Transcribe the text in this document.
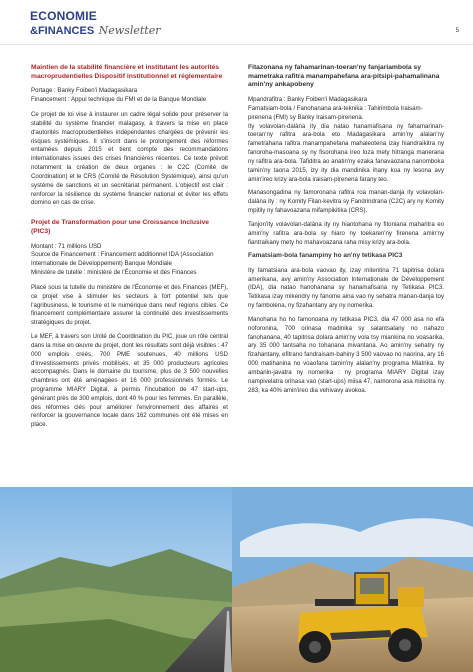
ECONOMIE
&FINANCES Newsletter	5
Maintien de la stabilité financière et institutant les autorités macroprudentielles Dispositif institutionnel et réglementaire
Portage : Banky Foiben'i Madagasikara
Financement : Appui technique du FMI et de la Banque Mondiale

Ce projet de loi vise à instaurer un cadre légal solide pour préserver la stabilité du système financier malagasy, à travers la mise en place d'autorités macroprudentielles indépendantes chargées de prévenir les risques systémiques. Il s'inscrit dans le prolongement des réformes entamées depuis 2015 et tient compte des recommandations internationales issues des crises financières récentes. Ce texte prévoit notamment la création de deux organes : le C2C (Comité de Coordination) et le CRS (Comité de Résolution Systémique), ainsi qu'un système de sanctions et un secrétariat permanent. L'objectif est clair : renforcer la résilience du système financier national et éviter les effets domino en cas de crise.

Projet de Transformation pour une Croissance Inclusive (PIC3)
Montant : 71 millions USD
Source de Financement : Financement additionnel IDA (Association Internationale de Développement) Banque Mondiale
Ministère de tutelle : ministère de l'Économie et des Finances

Placé sous la tutelle du ministère de l'Économie et des Finances (MEF), ce projet vise à stimuler les secteurs à fort potentiel tels que l'agribusiness, le tourisme et le numérique dans neuf régions cibles. Ce financement complémentaire assurer la continuité des investissements stratégiques du projet.

Le MEF, à travers son Unité de Coordination du PIC, joue un rôle central dans la mise en œuvre du projet, dont les résultats sont déjà visibles : 47 000 emplois créés, 700 PME soutenues, 40 millions USD d'investissements privés mobilisés, et 35 000 producteurs agricoles accompagnés. Dans le domaine du tourisme, plus de 3 500 nouvelles chambres ont été aménagées et 16 000 professionnels formés. Le programme MIARY Digital, a permis l'incubation de 47 start-ups, générant près de 300 emplois, dont 40 % pour les femmes. En parallèle, des réformes clés pour améliorer l'environnement des affaires et renforcer la gouvernance locale dans 162 communes ont été mises en place.

Fitazonana ny fahamarinan-toeran'ny fanjariambola sy mametraka rafitra manampahefana ara-pitsipi-pahamalinana amin'ny ankapobeny
Mpandrafitra : Banky Foiben'i Madagasikara
Famatsiam-bola / Fanohanana ara-teknika : Tahirimbola Iraisam-pirenena (FMI) sy Banky Iraisam-pirenena.

Ity volavolan-dalàna ity dia natao hanamafisana ny fahamarinan-toeran'ny rafitra ara-bola eto Madagasikara amin'ny alalan'ny fametrahana rafitra manampahefana mahaleotena izay hiandraikitra ny fanoroha-masoana sy ny fisorohana ireo loza mety hitranga manerana ny rafitra ara-bola. Tafiditra ao anatin'ny ezaka fanavaozana nanomboka tamin'ny taona 2015, izy ity dia mandinika ihany koa ny lesona avy amin'ireo krizy ara-bola iraisam-pirenena farany teo.

Manasongadina ny famoronana rafitra roa manan-danja ity volavolan-dalàna ity : ny Komity Filan-kevitra sy Fandrindrana (C2C) ary ny Komity mpitily ny fahavoazana mifampikitika (CRS).

Tanjon'ity volavolan-dalàna ity ny hiantohana ny fitoniana maharitra eo amin'ny rafitra ara-bola sy hiaro ny toekaren'ny firenena amin'ny fiantraikany mety ho mahavoazana raha misy krizy ara-bola.

Famatsiam-bola fanampiny ho an'ny tetikasa PIC3

Ity famatsiana ara-bola vaovao ity, izay mitentina 71 tapitrisa dolara amerikana, avy amin'ny Association Internationale de Développement (IDA), dia natao hanohanana sy hanamafisana ny Tetikasa PIC3. Tetikasa izay mikendry ny fanome aina vao ny sehatra manan-danja toy ny fambolena, ny fizahantany ary ny nomerika.

Manohana ho ho famonoana ny tetikasa PIC3, dia 47 000 asa no efa noforonina, 700 orinasa madinika sy salantsalany no nahazo fanohanana, 40 tapitrisa dolara amin'ny vola tsy miankina no voasarika, ary 35 000 tantsaha no tohanana mivantana. Ao amin'ny sehatry ny fizahantany, efitrano fandraisam-bahiny 3 500 vaovao no naorina, ary 16 000 matihanina no voaofana tamin'ny alalan'ny programa Miatrika. Ity ambanin-javatra ny nomerika : ny programa MIARY Digital izay nampivelatra orinasa vao (start-ups) miisa 47, namorona asa miisotra ny 283, ka 40% amin'ireo dia vehivavy avokoa.
